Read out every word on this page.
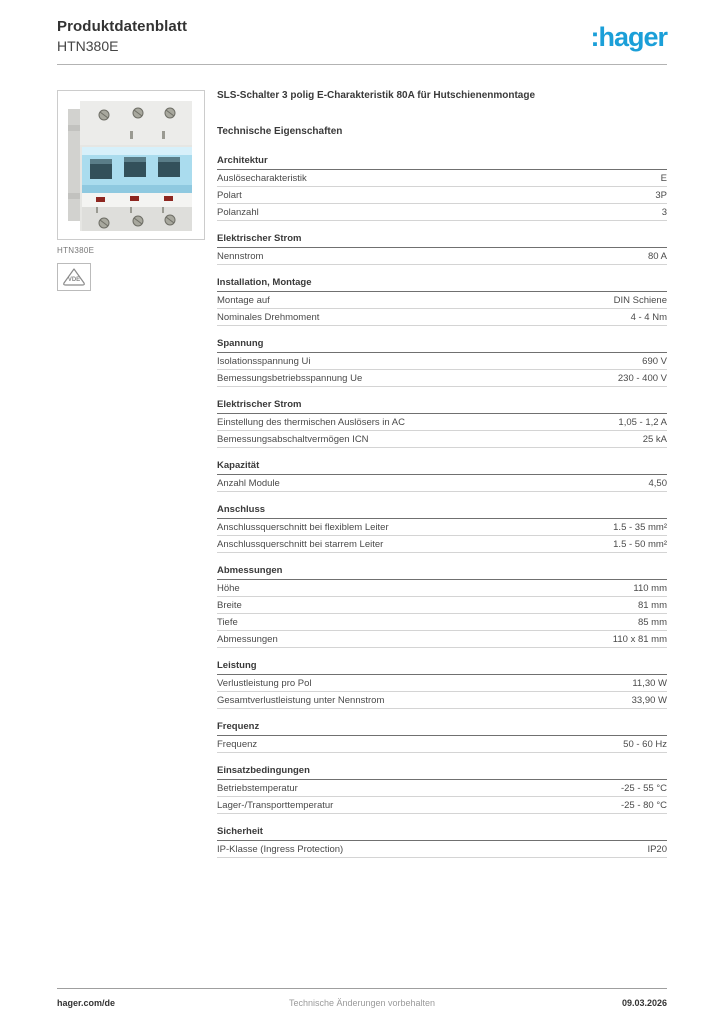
Produktdatenblatt
HTN380E	:hager
HTN380E
VDE
SLS-Schalter 3 polig E-Charakteristik 80A für Hutschienenmontage
Technische Eigenschaften
Architektur
Auslösecharakteristik	E
Polart	3P
Polanzahl	3
Elektrischer Strom
Nennstrom	80 A
Installation, Montage
Montage auf	DIN Schiene
Nominales Drehmoment	4 - 4 Nm
Spannung
Isolationsspannung Ui	690 V
Bemessungsbetriebsspannung Ue	230 - 400 V
Elektrischer Strom
Einstellung des thermischen Auslösers in AC	1,05 - 1,2 A
Bemessungsabschaltvermögen ICN	25 kA
Kapazität
Anzahl Module	4,50
Anschluss
Anschlussquerschnitt bei flexiblem Leiter	1.5 - 35 mm²
Anschlussquerschnitt bei starrem Leiter	1.5 - 50 mm²
Abmessungen
Höhe	110 mm
Breite	81 mm
Tiefe	85 mm
Abmessungen	110 x 81 mm
Leistung
Verlustleistung pro Pol	11,30 W
Gesamtverlustleistung unter Nennstrom	33,90 W
Frequenz
Frequenz	50 - 60 Hz
Einsatzbedingungen
Betriebstemperatur	-25 - 55 °C
Lager-/Transporttemperatur	-25 - 80 °C
Sicherheit
IP-Klasse (Ingress Protection)	IP20
hager.com/de	Technische Änderungen vorbehalten	09.03.2026
